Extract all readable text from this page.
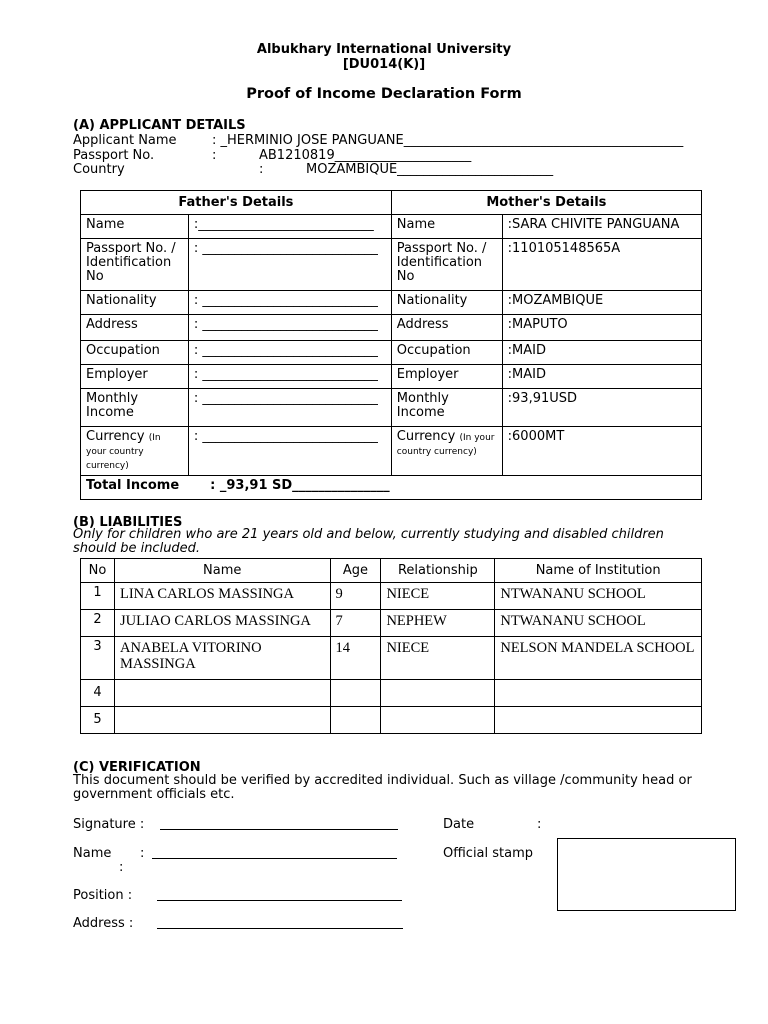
Albukhary International University
[DU014(K)]
Proof of Income Declaration Form
(A) APPLICANT DETAILS
Applicant Name	: _HERMINIO JOSE PANGUANE___________________________________________
Passport No.	:	AB1210819_____________________
Country	:	MOZAMBIQUE________________________
Father's Details		Mother's Details	
Name	:___________________________	Name	:SARA CHIVITE PANGUANA
Passport No. / Identification No	: ___________________________	Passport No. / Identification No	:110105148565A
Nationality	: ___________________________	Nationality	:MOZAMBIQUE
Address	: ___________________________	Address	:MAPUTO
Occupation	: ___________________________	Occupation	:MAID
Employer	: ___________________________	Employer	:MAID
Monthly Income	: ___________________________	Monthly Income	:93,91USD
Currency (In your country currency)	: ___________________________	Currency (In your country currency)	:6000MT
Total Income : _93,91 SD_______________			
(B) LIABILITIES
Only for children who are 21 years old and below, currently studying and disabled children should be included.
No	Name	Age	Relationship	Name of Institution
1	LINA CARLOS MASSINGA	9	NIECE	NTWANANU SCHOOL
2	JULIAO CARLOS MASSINGA	7	NEPHEW	NTWANANU SCHOOL
3	ANABELA VITORINO MASSINGA	14	NIECE	NELSON MANDELA SCHOOL
4				
5				
(C) VERIFICATION
This document should be verified by accredited individual. Such as village /community head or government officials etc.
Signature :	Date	:
Name :
:
Official stamp
Position :
Address :
